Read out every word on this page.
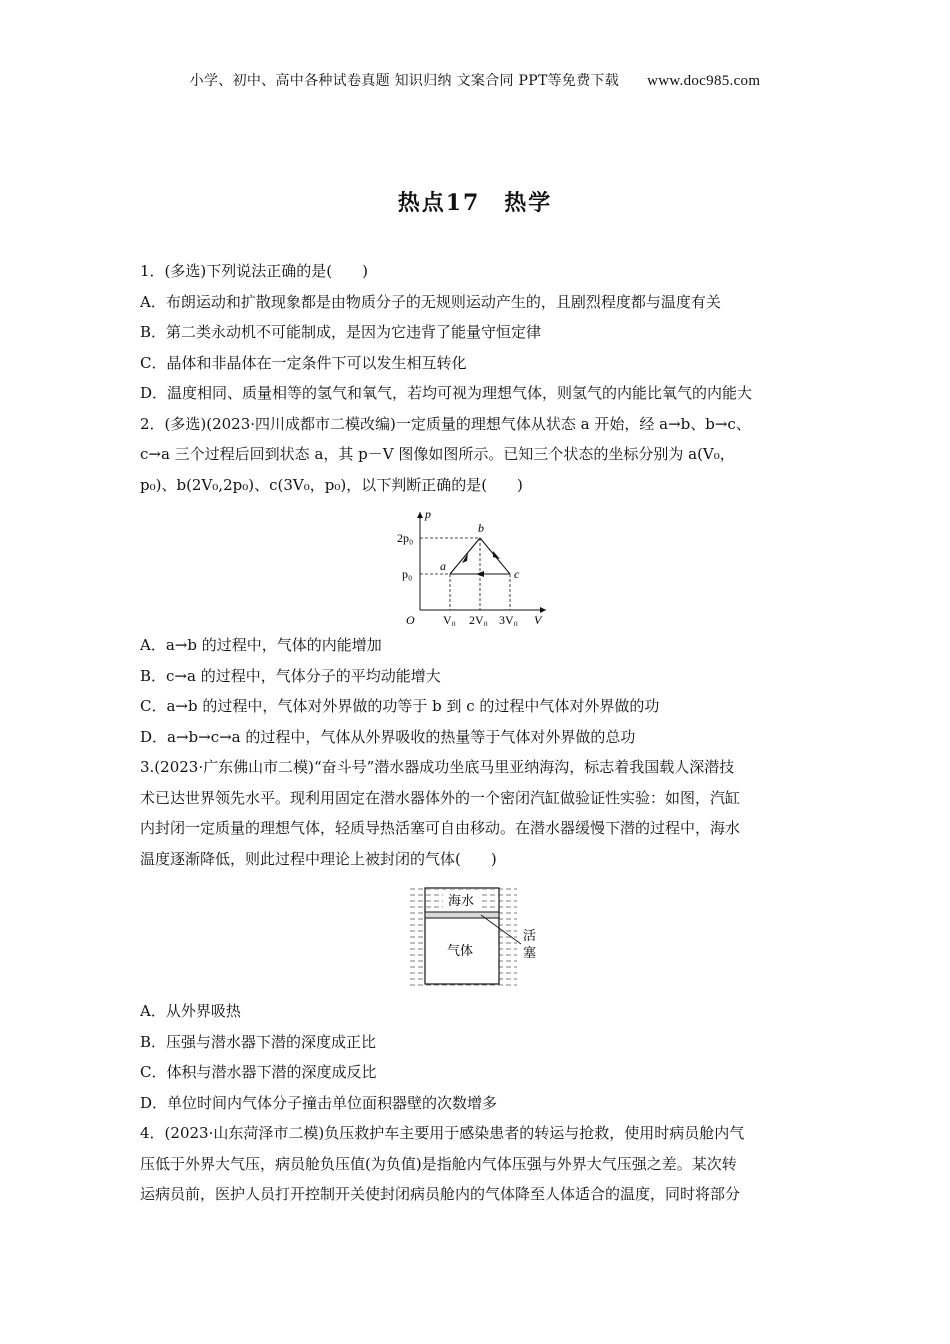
小学、初中、高中各种试卷真题 知识归纳 文案合同 PPT等免费下载 www.doc985.com
热点17　热学
1．(多选)下列说法正确的是(　　)
A．布朗运动和扩散现象都是由物质分子的无规则运动产生的，且剧烈程度都与温度有关
B．第二类永动机不可能制成，是因为它违背了能量守恒定律
C．晶体和非晶体在一定条件下可以发生相互转化
D．温度相同、质量相等的氢气和氧气，若均可视为理想气体，则氢气的内能比氧气的内能大
2．(多选)(2023·四川成都市二模改编)一定质量的理想气体从状态 a 开始，经 a→b、b→c、
c→a 三个过程后回到状态 a，其 p－V 图像如图所示。已知三个状态的坐标分别为 a(V₀，
p₀)、b(2V₀,2p₀)、c(3V₀，p₀)，以下判断正确的是(　　)
p
V
O
2p₀
p₀
V₀ 2V₀ 3V₀
a
b
c
A．a→b 的过程中，气体的内能增加
B．c→a 的过程中，气体分子的平均动能增大
C．a→b 的过程中，气体对外界做的功等于 b 到 c 的过程中气体对外界做的功
D．a→b→c→a 的过程中，气体从外界吸收的热量等于气体对外界做的总功
3.(2023·广东佛山市二模)“奋斗号”潜水器成功坐底马里亚纳海沟，标志着我国载人深潜技
术已达世界领先水平。现利用固定在潜水器体外的一个密闭汽缸做验证性实验：如图，汽缸
内封闭一定质量的理想气体，轻质导热活塞可自由移动。在潜水器缓慢下潜的过程中，海水
温度逐渐降低，则此过程中理论上被封闭的气体(　　)
海水
气体
活
塞
A．从外界吸热
B．压强与潜水器下潜的深度成正比
C．体积与潜水器下潜的深度成反比
D．单位时间内气体分子撞击单位面积器壁的次数增多
4．(2023·山东菏泽市二模)负压救护车主要用于感染患者的转运与抢救，使用时病员舱内气
压低于外界大气压，病员舱负压值(为负值)是指舱内气体压强与外界大气压强之差。某次转
运病员前，医护人员打开控制开关使封闭病员舱内的气体降至人体适合的温度，同时将部分
